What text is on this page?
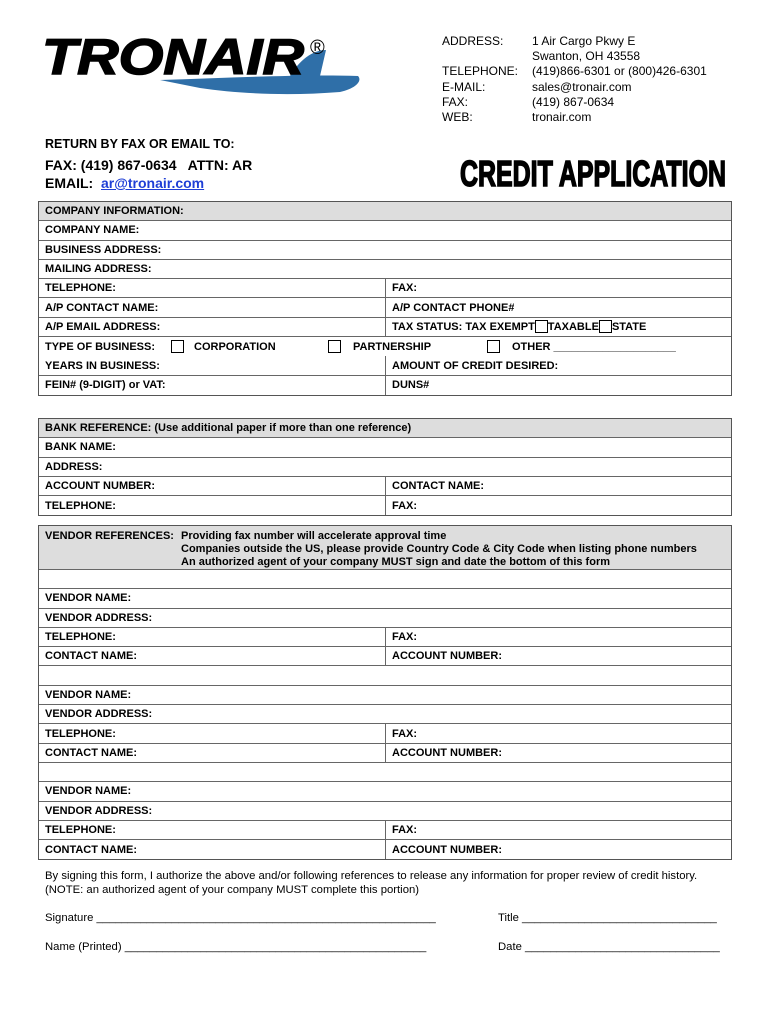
TRONAIR ®	ADDRESS:	1 Air Cargo Pkwy E
Swanton, OH 43558
TELEPHONE:	(419)866-6301 or (800)426-6301
E-MAIL:	sales@tronair.com
FAX:	(419) 867-0634
WEB:	tronair.com
RETURN BY FAX OR EMAIL TO:
FAX: (419) 867-0634   ATTN: AR
EMAIL: ar@tronair.com	CREDIT APPLICATION
COMPANY INFORMATION:
COMPANY NAME:
BUSINESS ADDRESS:
MAILING ADDRESS:
TELEPHONE:	FAX:
A/P CONTACT NAME:	A/P CONTACT PHONE#
A/P EMAIL ADDRESS:	TAX STATUS: TAX EXEMPT TAXABLE STATE
TYPE OF BUSINESS:	CORPORATION	PARTNERSHIP	OTHER ____________________
YEARS IN BUSINESS:	AMOUNT OF CREDIT DESIRED:
FEIN# (9-DIGIT) or VAT:	DUNS#
BANK REFERENCE: (Use additional paper if more than one reference)
BANK NAME:
ADDRESS:
ACCOUNT NUMBER:	CONTACT NAME:
TELEPHONE:	FAX:
VENDOR REFERENCES: Providing fax number will accelerate approval time
Companies outside the US, please provide Country Code & City Code when listing phone numbers
An authorized agent of your company MUST sign and date the bottom of this form
VENDOR NAME:
VENDOR ADDRESS:
TELEPHONE:	FAX:
CONTACT NAME:	ACCOUNT NUMBER:
VENDOR NAME:
VENDOR ADDRESS:
TELEPHONE:	FAX:
CONTACT NAME:	ACCOUNT NUMBER:
VENDOR NAME:
VENDOR ADDRESS:
TELEPHONE:	FAX:
CONTACT NAME:	ACCOUNT NUMBER:
By signing this form, I authorize the above and/or following references to release any information for proper review of credit history.
(NOTE: an authorized agent of your company MUST complete this portion)
Signature ______________________________________________________	Title _______________________________
Name (Printed) ________________________________________________	Date _______________________________
